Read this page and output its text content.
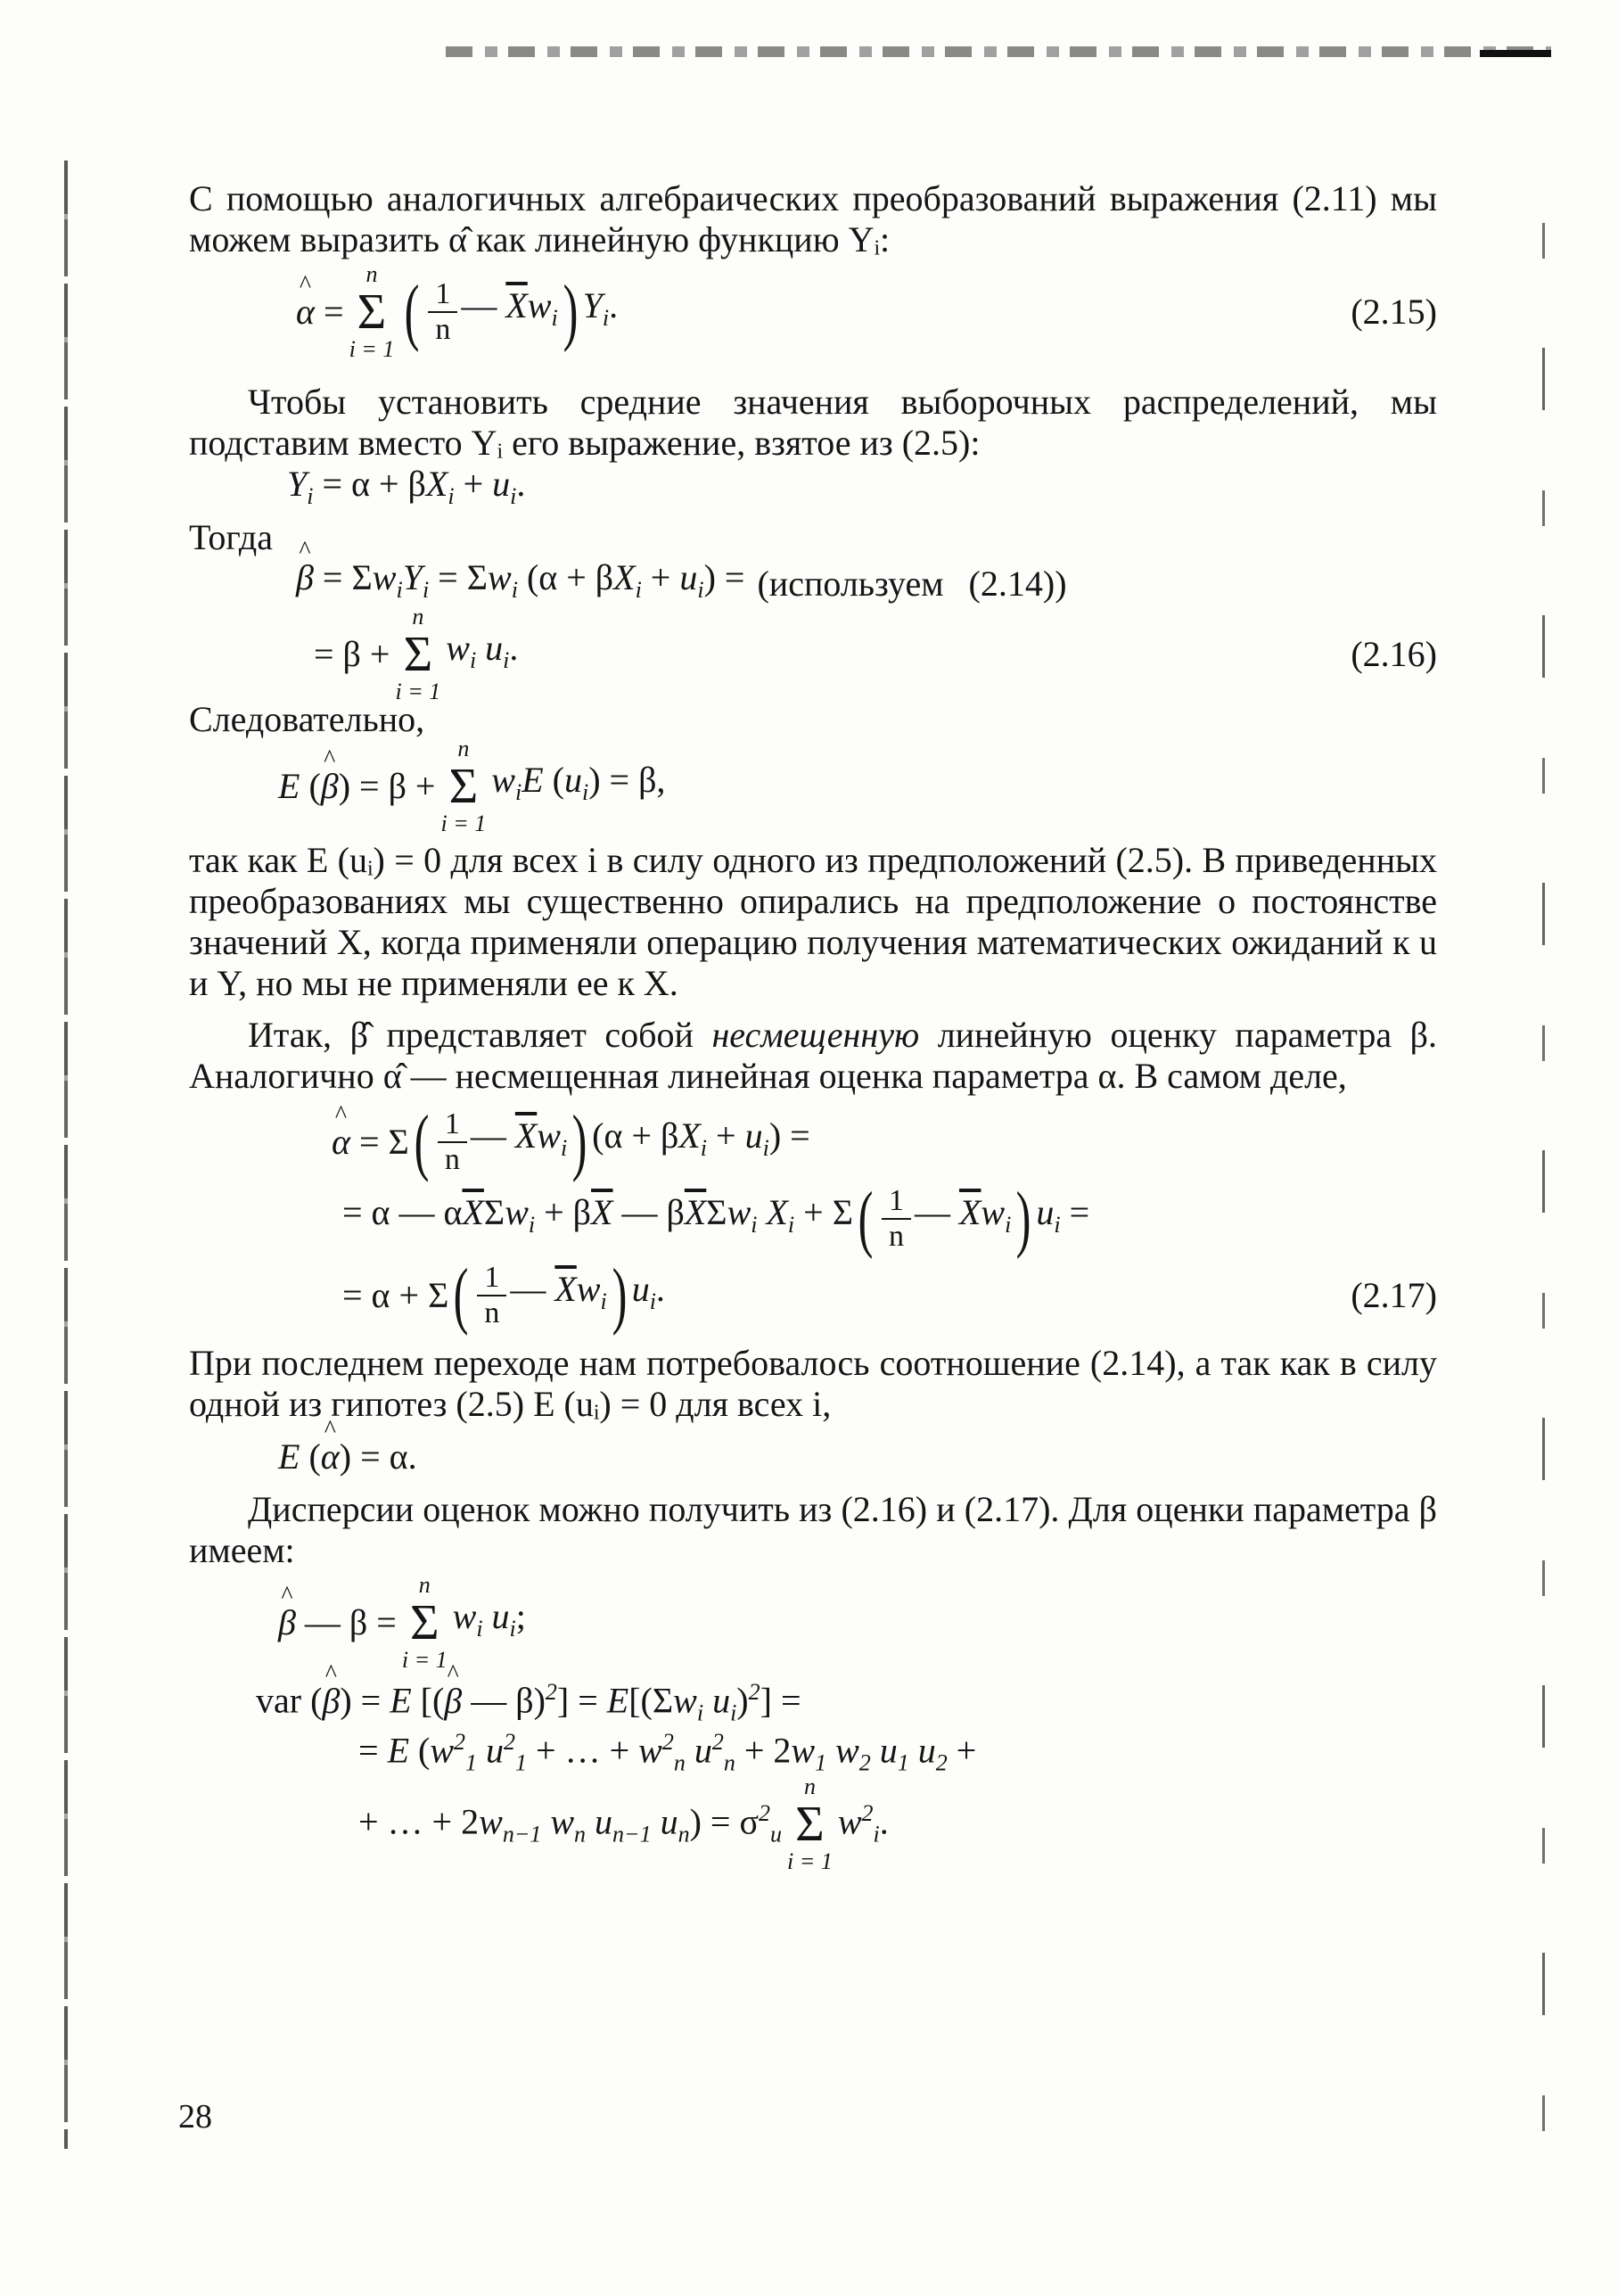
С помощью аналогичных алгебраических преобразований выражения (2.11) мы можем выразить α̂ как линейную функцию Yᵢ:

^ α =
n
Σ
i = 1 ( $\frac{1}{n}$ — $\overline{X}w_i$ ) $Y_i$.	(2.15)

Чтобы установить средние значения выборочных распределений, мы подставим вместо Yᵢ его выражение, взятое из (2.5):

$Y_i = \alpha + \beta X_i + u_i$.
Тогда
^ $\beta = \Sigma w_iY_i = \Sigma w_i$ $(\alpha + \beta X_i + u_i)$ = (используем (2.14))
= β +
n
Σ
i = 1
$w_i$ $u_i$.	(2.16)
Следовательно,
E (^ β) = β +
n
Σ
i = 1
$w_iE$ $(u_i) = \beta$,

так как E (uᵢ) = 0 для всех i в силу одного из предположений (2.5). В приведенных преобразованиях мы существенно опирались на предположение о постоянстве значений X, когда применяли операцию получения математических ожиданий к u и Y, но мы не применяли ее к X.

Итак, β̂ представляет собой несмещенную линейную оценку параметра β. Аналогично α̂ — несмещенная линейная оценка параметра α. В самом деле,

^ α = Σ ( $\frac{1}{n}$ — $\overline{X}w_i$ ) $(\alpha + \beta X_i + u_i)$ =
= α — $\alpha\overline{X}\Sigma w_i + \beta\overline{X}$ — $\beta\overline{X}\Sigma w_i$ $X_i + \Sigma$ ( $\frac{1}{n}$ — $\overline{X}w_i$ ) $u_i$ =
= α + Σ ( $\frac{1}{n}$ — $\overline{X}w_i$ ) $u_i$.	(2.17)

При последнем переходе нам потребовалось соотношение (2.14), а так как в силу одной из гипотез (2.5) E (uᵢ) = 0 для всех i,

E (^ α) = α.

Дисперсии оценок можно получить из (2.16) и (2.17). Для оценки параметра β имеем:

^ β — β =
n
Σ
i = 1
$w_i$ $u_i$;
var (^ β) = E [(^ β — $\beta)^2] = E[(\Sigma w_i$ $u_i)^2$] =
= E ($w^2_1$ $u^2_1$ + … + $w^2_n$ $u^2_n + 2w_1$ $w_2$ $u_1$ $u_2$ +
+ … + $2w_{n-1}$ $w_n$ $u_{n-1}$ $u_n) = \sigma^2_u$
n
Σ
i = 1
$w^2_i$.
28
